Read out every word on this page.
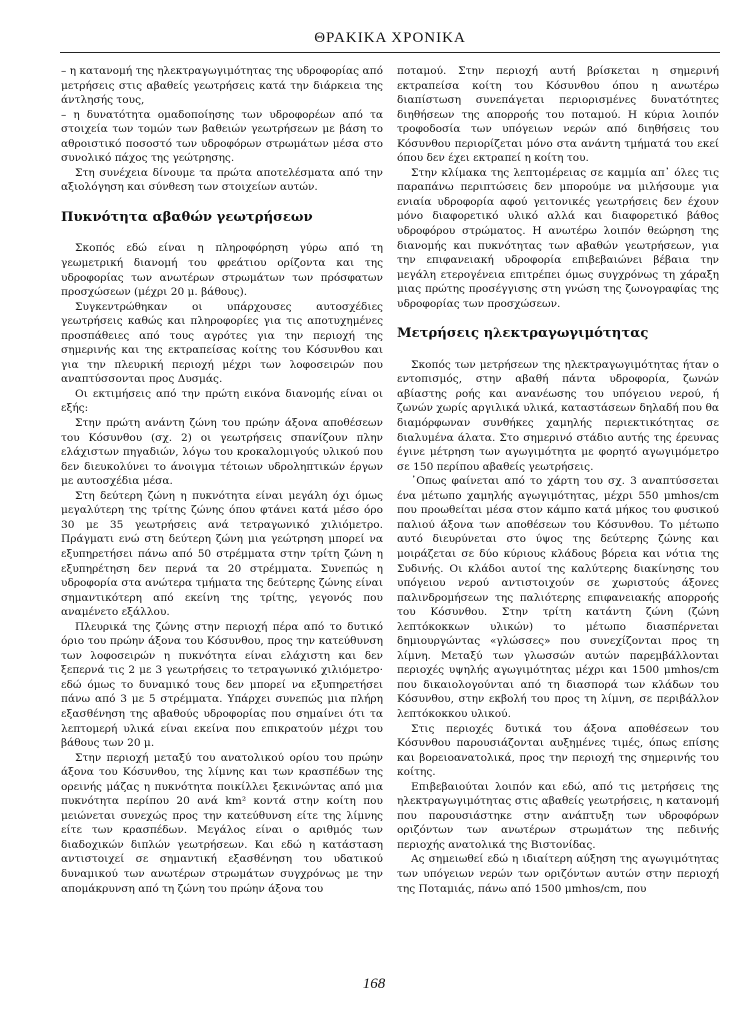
ΘΡΑΚΙΚΑ ΧΡΟΝΙΚΑ

– η κατανομή της ηλεκτραγωγιμότητας της υδροφορίας από μετρήσεις στις αβαθείς γεωτρήσεις κατά την διάρκεια της άντλησής τους,

– η δυνατότητα ομαδοποίησης των υδροφορέων από τα στοιχεία των τομών των βαθειών γεωτρήσεων με βάση το αθροιστικό ποσοστό των υδροφόρων στρωμάτων μέσα στο συνολικό πάχος της γεώτρησης.

Στη συνέχεια δίνουμε τα πρώτα αποτελέσματα από την αξιολόγηση και σύνθεση των στοιχείων αυτών.

Πυκνότητα αβαθών γεωτρήσεων

Σκοπός εδώ είναι η πληροφόρηση γύρω από τη γεωμετρική διανομή του φρεάτιου ορίζοντα και της υδροφορίας των ανωτέρων στρωμάτων των πρόσφατων προσχώσεων (μέχρι 20 μ. βάθους).

Συγκεντρώθηκαν οι υπάρχουσες αυτοσχέδιες γεωτρήσεις καθώς και πληροφορίες για τις αποτυχημένες προσπάθειες από τους αγρότες για την περιοχή της σημερινής και της εκτραπείσας κοίτης του Κόσυνθου και για την πλευρική περιοχή μέχρι των λοφοσειρών που αναπτύσσονται προς Δυσμάς.

Οι εκτιμήσεις από την πρώτη εικόνα διανομής είναι οι εξής:

Στην πρώτη ανάντη ζώνη του πρώην άξονα αποθέσεων του Κόσυνθου (σχ. 2) οι γεωτρήσεις σπανίζουν πλην ελάχιστων πηγαδιών, λόγω του κροκαλομιγούς υλικού που δεν διευκολύνει το άνοιγμα τέτοιων υδροληπτικών έργων με αυτοσχέδια μέσα.

Στη δεύτερη ζώνη η πυκνότητα είναι μεγάλη όχι όμως μεγαλύτερη της τρίτης ζώνης όπου φτάνει κατά μέσο όρο 30 με 35 γεωτρήσεις ανά τετραγωνικό χιλιόμετρο. Πράγματι ενώ στη δεύτερη ζώνη μια γεώτρηση μπορεί να εξυπηρετήσει πάνω από 50 στρέμματα στην τρίτη ζώνη η εξυπηρέτηση δεν περνά τα 20 στρέμματα. Συνεπώς η υδροφορία στα ανώτερα τμήματα της δεύτερης ζώνης είναι σημαντικότερη από εκείνη της τρίτης, γεγονός που αναμένετο εξάλλου.

Πλευρικά της ζώνης στην περιοχή πέρα από το δυτικό όριο του πρώην άξονα του Κόσυνθου, προς την κατεύθυνση των λοφοσειρών η πυκνότητα είναι ελάχιστη και δεν ξεπερνά τις 2 με 3 γεωτρήσεις το τετραγωνικό χιλιόμετρο· εδώ όμως το δυναμικό τους δεν μπορεί να εξυπηρετήσει πάνω από 3 με 5 στρέμματα. Υπάρχει συνεπώς μια πλήρη εξασθένηση της αβαθούς υδροφορίας που σημαίνει ότι τα λεπτομερή υλικά είναι εκείνα που επικρατούν μέχρι του βάθους των 20 μ.

Στην περιοχή μεταξύ του ανατολικού ορίου του πρώην άξονα του Κόσυνθου, της λίμνης και των κρασπέδων της ορεινής μάζας η πυκνότητα ποικίλλει ξεκινώντας από μια πυκνότητα περίπου 20 ανά km² κοντά στην κοίτη που μειώνεται συνεχώς προς την κατεύθυνση είτε της λίμνης είτε των κρασπέδων. Μεγάλος είναι ο αριθμός των διαδοχικών διπλών γεωτρήσεων. Και εδώ η κατάσταση αντιστοιχεί σε σημαντική εξασθένηση του υδατικού δυναμικού των ανωτέρων στρωμάτων συγχρόνως με την απομάκρυνση από τη ζώνη του πρώην άξονα του

ποταμού. Στην περιοχή αυτή βρίσκεται η σημερινή εκτραπείσα κοίτη του Κόσυνθου όπου η ανωτέρω διαπίστωση συνεπάγεται περιορισμένες δυνατότητες διηθήσεων της απορροής του ποταμού. Η κύρια λοιπόν τροφοδοσία των υπόγειων νερών από διηθήσεις του Κόσυνθου περιορίζεται μόνο στα ανάντη τμήματά του εκεί όπου δεν έχει εκτραπεί η κοίτη του.

Στην κλίμακα της λεπτομέρειας σε καμμία απ᾽ όλες τις παραπάνω περιπτώσεις δεν μπορούμε να μιλήσουμε για ενιαία υδροφορία αφού γειτονικές γεωτρήσεις δεν έχουν μόνο διαφορετικό υλικό αλλά και διαφορετικό βάθος υδροφόρου στρώματος. Η ανωτέρω λοιπόν θεώρηση της διανομής και πυκνότητας των αβαθών γεωτρήσεων, για την επιφανειακή υδροφορία επιβεβαιώνει βέβαια την μεγάλη ετερογένεια επιτρέπει όμως συγχρόνως τη χάραξη μιας πρώτης προσέγγισης στη γνώση της ζωνογραφίας της υδροφορίας των προσχώσεων.

Μετρήσεις ηλεκτραγωγιμότητας

Σκοπός των μετρήσεων της ηλεκτραγωγιμότητας ήταν ο εντοπισμός, στην αβαθή πάντα υδροφορία, ζωνών αβίαστης ροής και ανανέωσης του υπόγειου νερού, ή ζωνών χωρίς αργιλικά υλικά, καταστάσεων δηλαδή που θα διαμόρφωναν συνθήκες χαμηλής περιεκτικότητας σε διαλυμένα άλατα. Στο σημερινό στάδιο αυτής της έρευνας έγινε μέτρηση των αγωγιμότητα με φορητό αγωγιμόμετρο σε 150 περίπου αβαθείς γεωτρήσεις.

᾽Οπως φαίνεται από το χάρτη του σχ. 3 αναπτύσσεται ένα μέτωπο χαμηλής αγωγιμότητας, μέχρι 550 μmhos/cm που προωθείται μέσα στον κάμπο κατά μήκος του φυσικού παλιού άξονα των αποθέσεων του Κόσυνθου. Το μέτωπο αυτό διευρύνεται στο ύψος της δεύτερης ζώνης και μοιράζεται σε δύο κύριους κλάδους βόρεια και νότια της Συδινής. Οι κλάδοι αυτοί της καλύτερης διακίνησης του υπόγειου νερού αντιστοιχούν σε χωριστούς άξονες παλινδρομήσεων της παλιότερης επιφανειακής απορροής του Κόσυνθου. Στην τρίτη κατάντη ζώνη (ζώνη λεπτόκοκκων υλικών) το μέτωπο διασπέρνεται δημιουργώντας «γλώσσες» που συνεχίζονται προς τη λίμνη. Μεταξύ των γλωσσών αυτών παρεμβάλλονται περιοχές υψηλής αγωγιμότητας μέχρι και 1500 μmhos/cm που δικαιολογούνται από τη διασπορά των κλάδων του Κόσυνθου, στην εκβολή του προς τη λίμνη, σε περιβάλλον λεπτόκοκκου υλικού.

Στις περιοχές δυτικά του άξονα αποθέσεων του Κόσυνθου παρουσιάζονται αυξημένες τιμές, όπως επίσης και βορειοανατολικά, προς την περιοχή της σημερινής του κοίτης.

Επιβεβαιούται λοιπόν και εδώ, από τις μετρήσεις της ηλεκτραγωγιμότητας στις αβαθείς γεωτρήσεις, η κατανομή που παρουσιάστηκε στην ανάπτυξη των υδροφόρων οριζόντων των ανωτέρων στρωμάτων της πεδινής περιοχής ανατολικά της Βιστονίδας.

Ας σημειωθεί εδώ η ιδιαίτερη αύξηση της αγωγιμότητας των υπόγειων νερών των οριζόντων αυτών στην περιοχή της Ποταμιάς, πάνω από 1500 μmhos/cm, που

168
